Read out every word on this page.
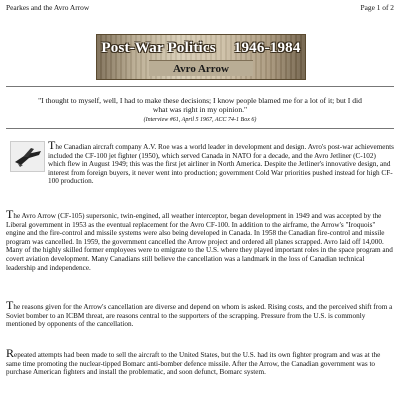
Pearkes and the Avro Arrow	Page 1 of 2
Post-War Politics 1946-1984
Avro Arrow
"I thought to myself, well, I had to make these decisions; I know people blamed me for a lot of it; but I did what was right in my opinion."
(Interview #61, April 5 1967, ACC 74-1 Box 6)
The Canadian aircraft company A.V. Roe was a world leader in development and design. Avro's post-war achievements included the CF-100 jet fighter (1950), which served Canada in NATO for a decade, and the Avro Jetliner (C-102) which flew in August 1949; this was the first jet airliner in North America. Despite the Jetliner's innovative design, and interest from foreign buyers, it never went into production; government Cold War priorities pushed instead for high CF-100 production.
The Avro Arrow (CF-105) supersonic, twin-engined, all weather interceptor, began development in 1949 and was accepted by the Liberal government in 1953 as the eventual replacement for the Avro CF-100. In addition to the airframe, the Arrow's "Iroquois" engine and the fire-control and missile systems were also being developed in Canada. In 1958 the Canadian fire-control and missile program was cancelled. In 1959, the government cancelled the Arrow project and ordered all planes scrapped. Avro laid off 14,000. Many of the highly skilled former employees were to emigrate to the U.S. where they played important roles in the space program and covert aviation development. Many Canadians still believe the cancellation was a landmark in the loss of Canadian technical leadership and independence.
The reasons given for the Arrow's cancellation are diverse and depend on whom is asked. Rising costs, and the perceived shift from a Soviet bomber to an ICBM threat, are reasons central to the supporters of the scrapping. Pressure from the U.S. is commonly mentioned by opponents of the cancellation.
Repeated attempts had been made to sell the aircraft to the United States, but the U.S. had its own fighter program and was at the same time promoting the nuclear-tipped Bomarc anti-bomber defence missile. After the Arrow, the Canadian government was to purchase American fighters and install the problematic, and soon defunct, Bomarc system.
